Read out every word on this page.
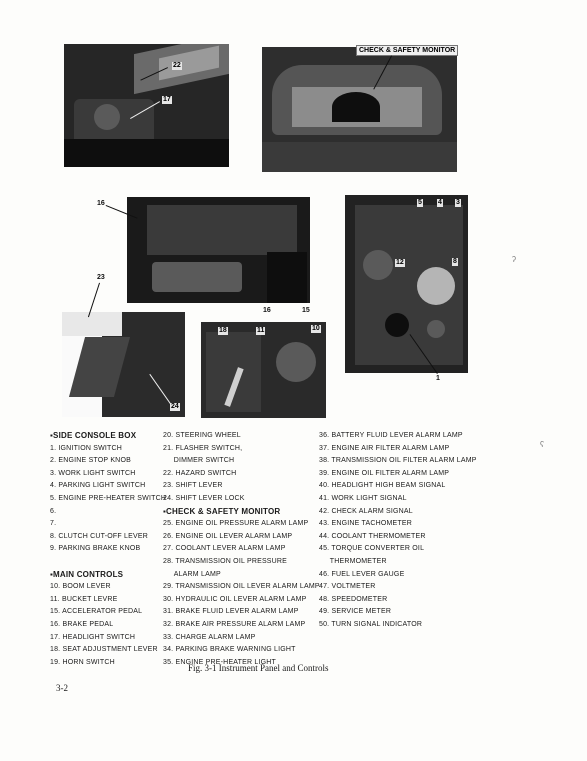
22
17
CHECK & SAFETY MONITOR
16
16	15
5 4 3
12	8
1
23
24
18	11	10
▪SIDE CONSOLE BOX
1. IGNITION SWITCH
2. ENGINE STOP KNOB
3. WORK LIGHT SWITCH
4. PARKING LIGHT SWITCH
5. ENGINE PRE-HEATER SWITCH
6.
7.
8. CLUTCH CUT-OFF LEVER
9. PARKING BRAKE KNOB
▪MAIN CONTROLS
10. BOOM LEVER
11. BUCKET LEVRE
15. ACCELERATOR PEDAL
16. BRAKE PEDAL
17. HEADLIGHT SWITCH
18. SEAT ADJUSTMENT LEVER
19. HORN SWITCH
20. STEERING WHEEL
21. FLASHER SWITCH,
DIMMER SWITCH
22. HAZARD SWITCH
23. SHIFT LEVER
24. SHIFT LEVER LOCK
▪CHECK & SAFETY MONITOR
25. ENGINE OIL PRESSURE ALARM LAMP
26. ENGINE OIL LEVER ALARM LAMP
27. COOLANT LEVER ALARM LAMP
28. TRANSMISSION OIL PRESSURE
ALARM LAMP
29. TRANSMISSION OIL LEVER ALARM LAMP
30. HYDRAULIC OIL LEVER ALARM LAMP
31. BRAKE FLUID LEVER ALARM LAMP
32. BRAKE AIR PRESSURE ALARM LAMP
33. CHARGE ALARM LAMP
34. PARKING BRAKE WARNING LIGHT
35. ENGINE PRE-HEATER LIGHT
36. BATTERY FLUID LEVER ALARM LAMP
37. ENGINE AIR FILTER ALARM LAMP
38. TRANSMISSION OIL FILTER ALARM LAMP
39. ENGINE OIL FILTER ALARM LAMP
40. HEADLIGHT HIGH BEAM SIGNAL
41. WORK LIGHT SIGNAL
42. CHECK ALARM SIGNAL
43. ENGINE TACHOMETER
44. COOLANT THERMOMETER
45. TORQUE CONVERTER OIL
THERMOMETER
46. FUEL LEVER GAUGE
47. VOLTMETER
48. SPEEDOMETER
49. SERVICE METER
50. TURN SIGNAL INDICATOR
Fig. 3-1 Instrument Panel and Controls
3-2
ʔ
ʕ
